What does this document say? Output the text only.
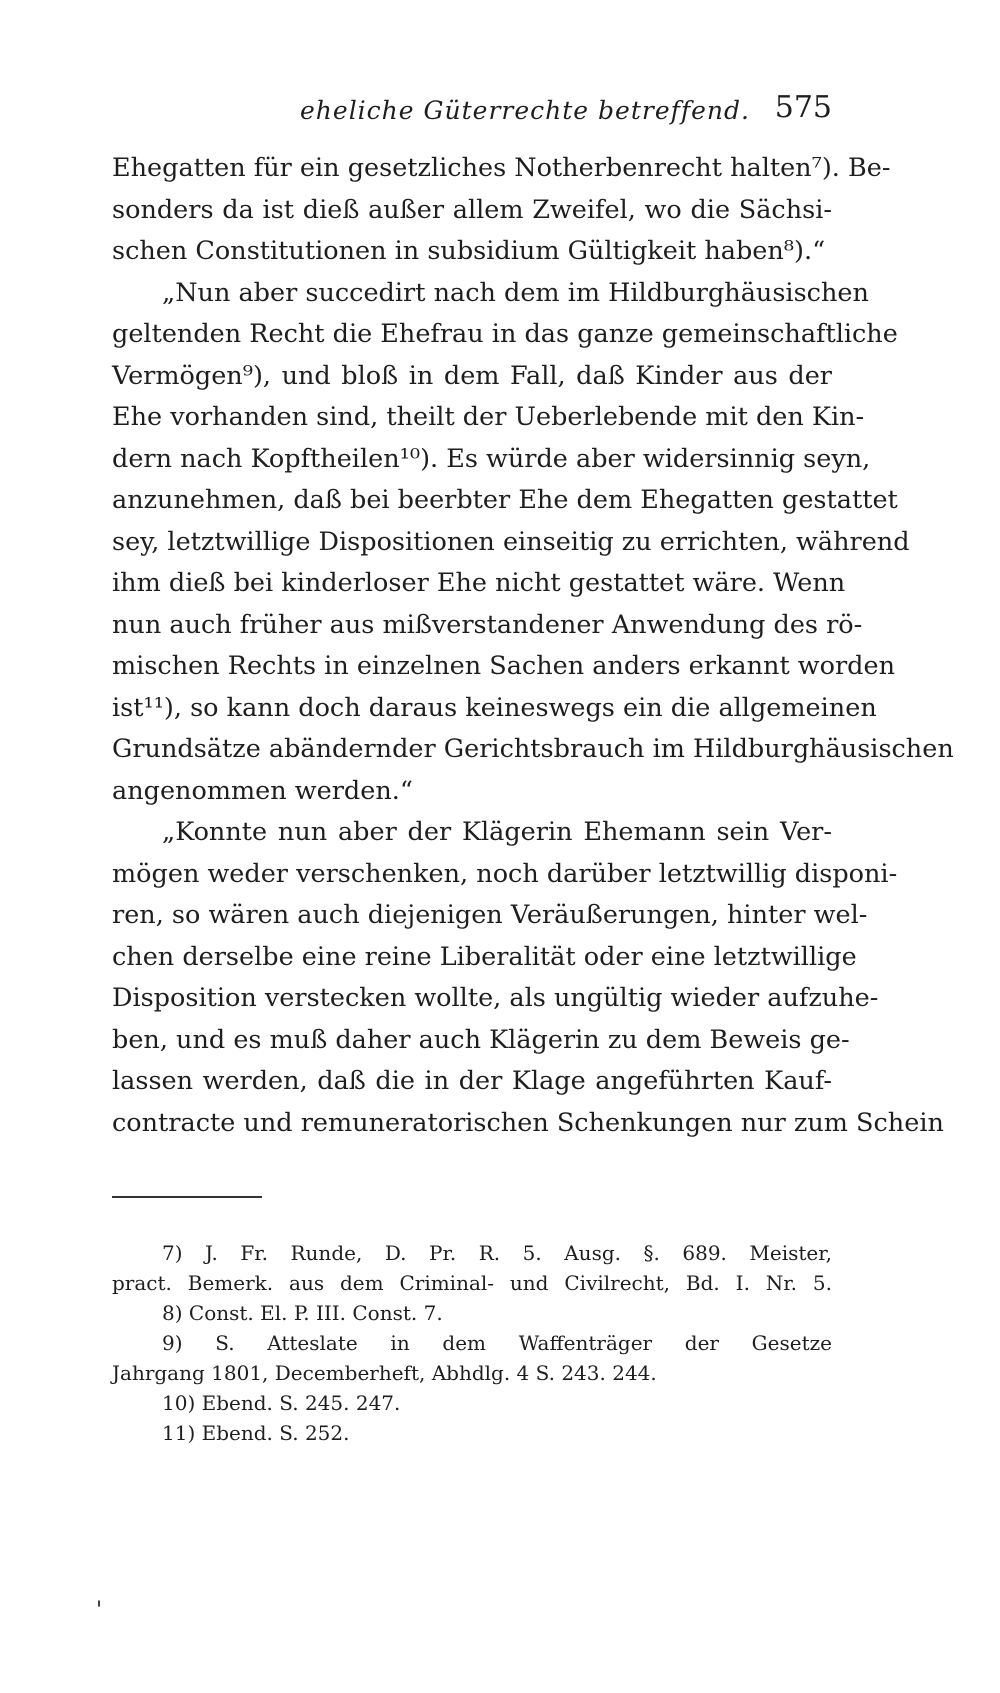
eheliche Güterrechte betreffend. 575
Ehegatten für ein gesetzliches Notherbenrecht halten⁷). Be-
sonders da ist dieß außer allem Zweifel, wo die Sächsi-
schen Constitutionen in subsidium Gültigkeit haben⁸).“
„Nun aber succedirt nach dem im Hildburghäusischen
geltenden Recht die Ehefrau in das ganze gemeinschaftliche
Vermögen⁹), und bloß in dem Fall, daß Kinder aus der
Ehe vorhanden sind, theilt der Ueberlebende mit den Kin-
dern nach Kopftheilen¹⁰). Es würde aber widersinnig seyn,
anzunehmen, daß bei beerbter Ehe dem Ehegatten gestattet
sey, letztwillige Dispositionen einseitig zu errichten, während
ihm dieß bei kinderloser Ehe nicht gestattet wäre. Wenn
nun auch früher aus mißverstandener Anwendung des rö-
mischen Rechts in einzelnen Sachen anders erkannt worden
ist¹¹), so kann doch daraus keineswegs ein die allgemeinen
Grundsätze abändernder Gerichtsbrauch im Hildburghäusischen
angenommen werden.“
„Konnte nun aber der Klägerin Ehemann sein Ver-
mögen weder verschenken, noch darüber letztwillig disponi-
ren, so wären auch diejenigen Veräußerungen, hinter wel-
chen derselbe eine reine Liberalität oder eine letztwillige
Disposition verstecken wollte, als ungültig wieder aufzuhe-
ben, und es muß daher auch Klägerin zu dem Beweis ge-
lassen werden, daß die in der Klage angeführten Kauf-
contracte und remuneratorischen Schenkungen nur zum Schein
7) J. Fr. Runde, D. Pr. R. 5. Ausg. §. 689. Meister,
pract. Bemerk. aus dem Criminal- und Civilrecht, Bd. I. Nr. 5.
8) Const. El. P. III. Const. 7.
9) S. Atteslate in dem Waffenträger der Gesetze
Jahrgang 1801, Decemberheft, Abhdlg. 4 S. 243. 244.
10) Ebend. S. 245. 247.
11) Ebend. S. 252.
'
